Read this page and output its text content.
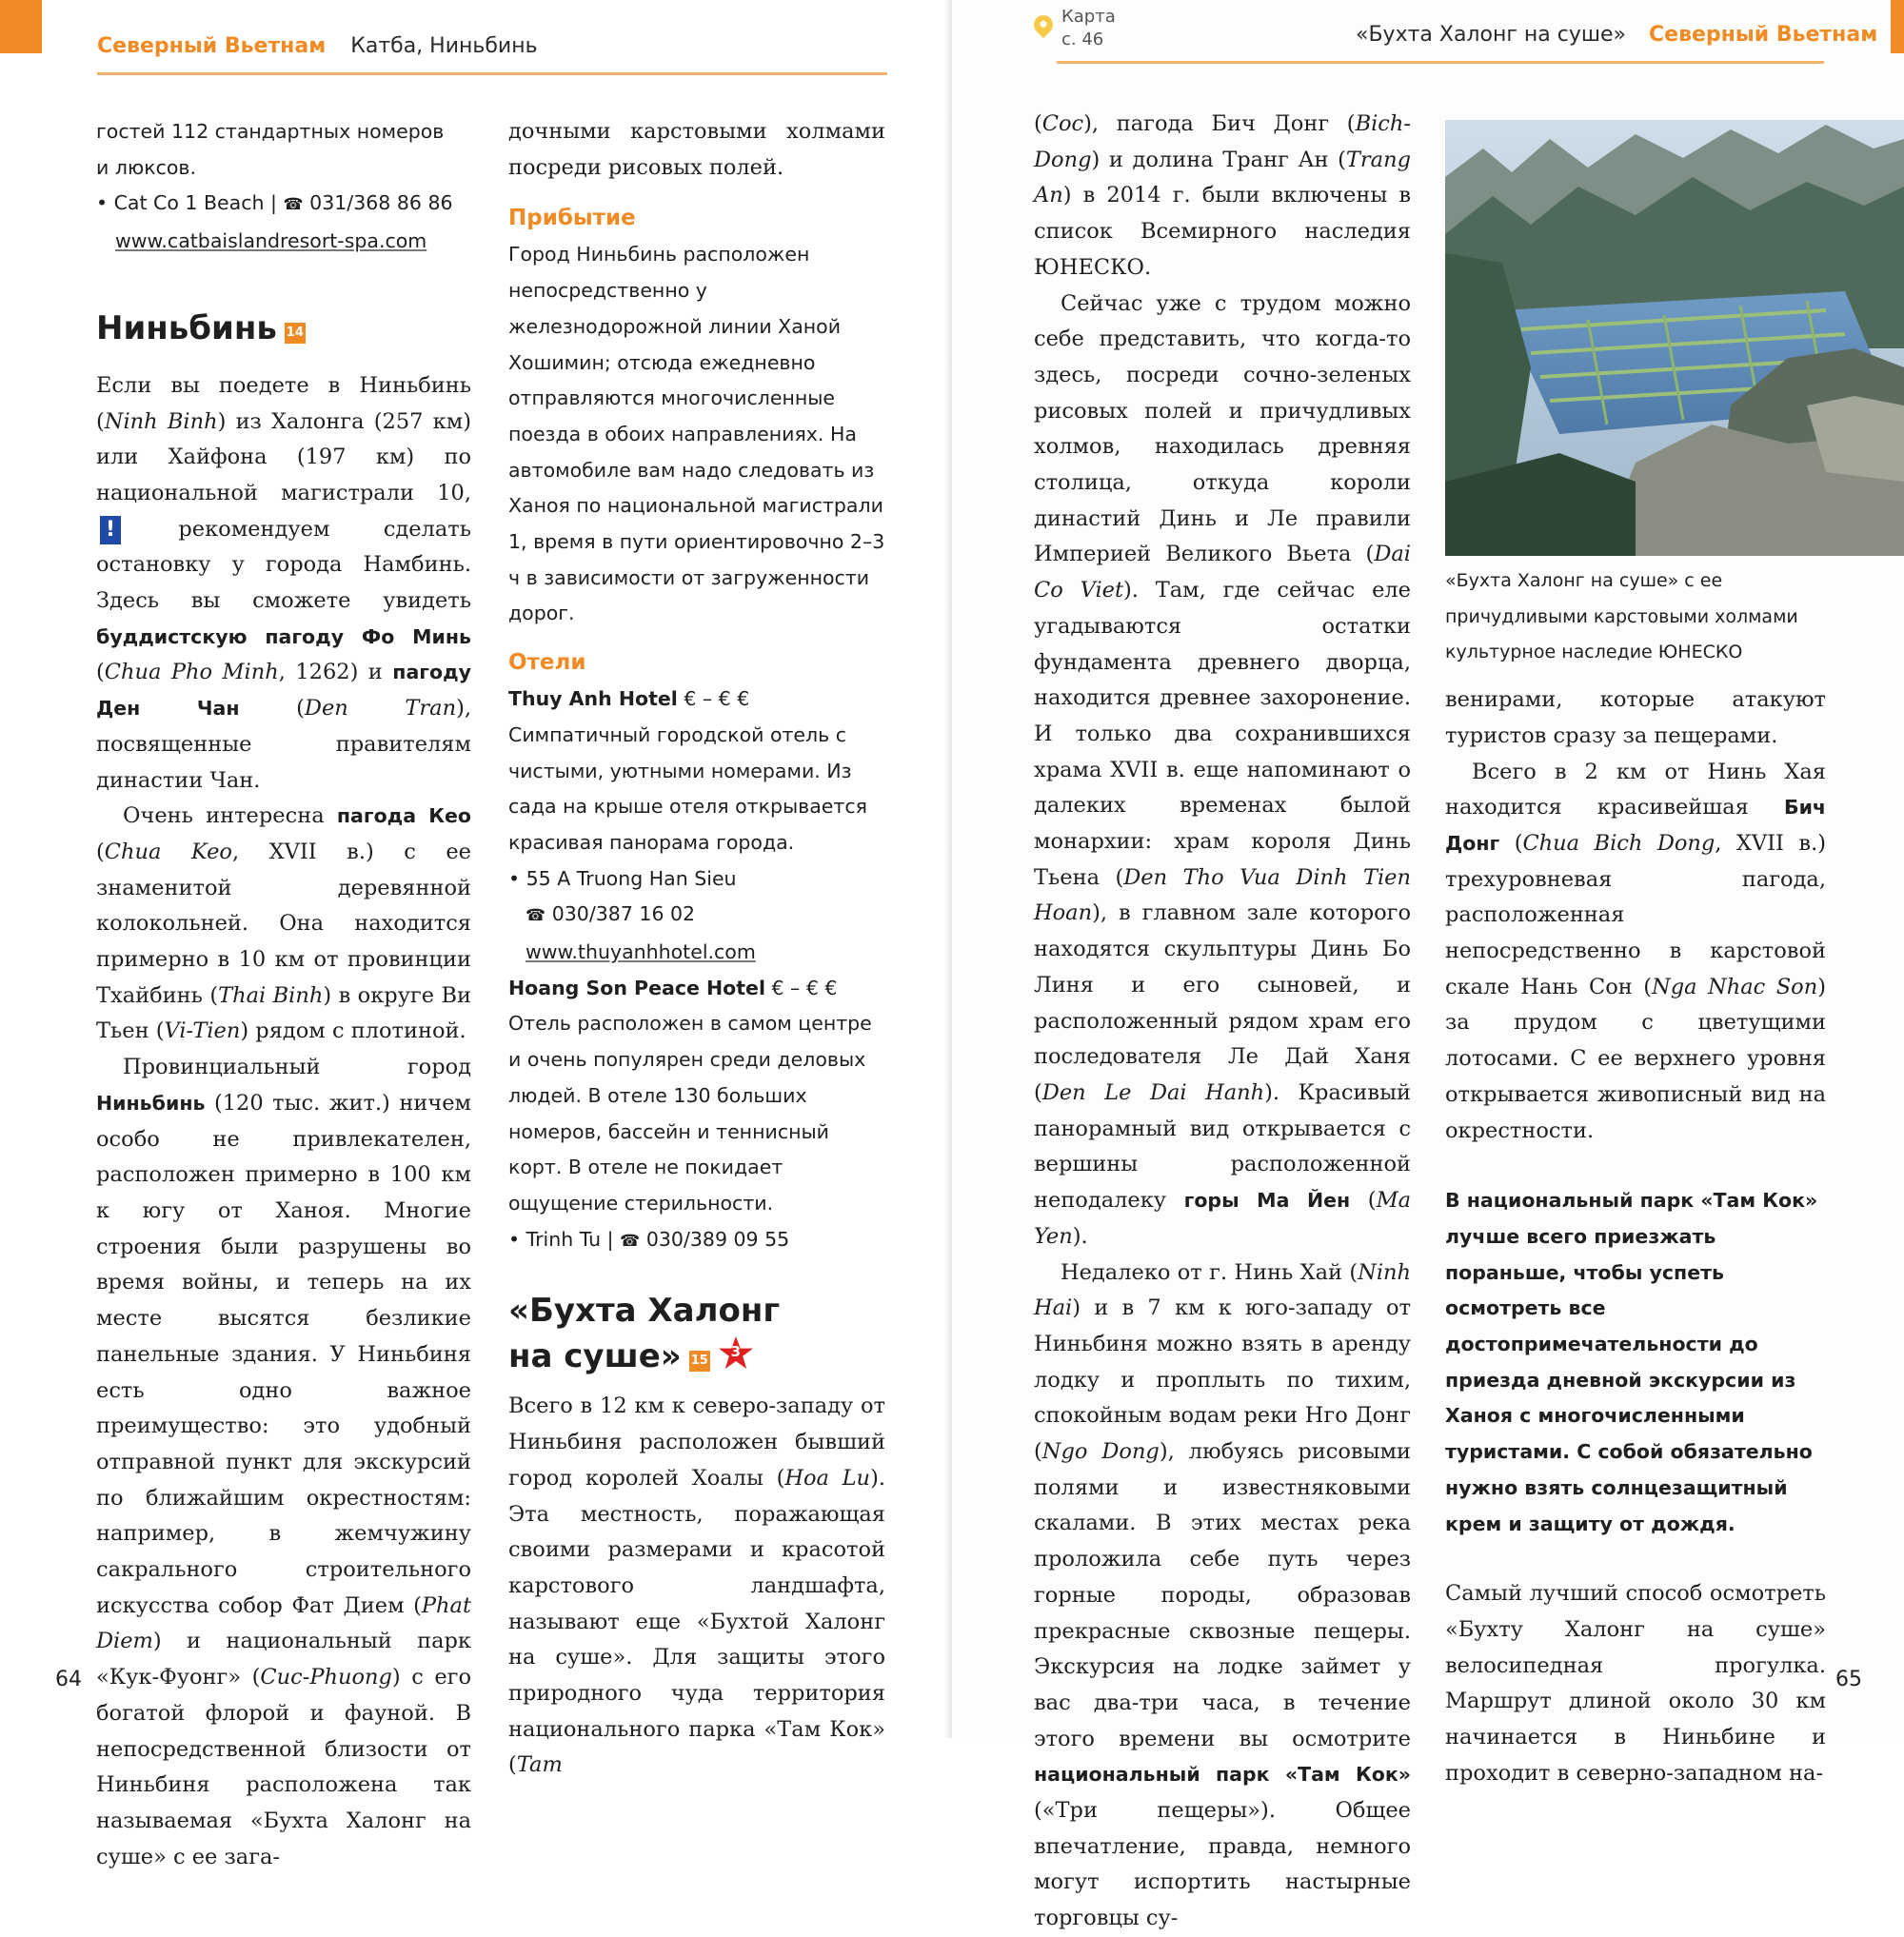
Северный Вьетнам Катба, Ниньбинь
гостей 112 стандартных номеров
и люксов.
• Cat Co 1 Beach | ☎ 031/368 86 86
www.catbaislandresort-spa.com
Ниньбинь 14

Если вы поедете в Ниньбинь (Ninh Binh) из Халонга (257 км) или Хайфона (197 км) по национальной магистрали 10, !	рекомендуем сделать остановку у города Намбинь. Здесь вы сможете увидеть буддистскую пагоду Фо Минь (Chua Pho Minh, 1262) и пагоду Ден Чан	(Den Tran), посвященные правителям династии Чан.

Очень интересна пагода Кео (Chua Keo, XVII в.) с ее знаменитой деревянной колокольней. Она находится примерно в 10 км от провинции Тхайбинь (Thai Binh) в округе Ви Тьен (Vi-Tien) рядом с плотиной.

Провинциальный город Ниньбинь (120 тыс. жит.) ничем особо не привлекателен, расположен примерно в 100 км к югу от Ханоя. Многие строения были разрушены во время войны, и теперь на их месте высятся безликие панельные здания. У Ниньбиня есть одно важное преимущество: это удобный отправной пункт для экскурсий по ближайшим окрестностям: например, в жемчужину сакрального строительного искусства собор Фат Дием (Phat Diem) и национальный парк «Кук-Фуонг» (Cuc-Phuong) с его богатой флорой и фауной. В непосредственной близости от Ниньбиня расположена так называемая «Бухта Халонг на суше» с ее зага-

дочными карстовыми холмами посреди рисовых полей.

Прибытие

Город Ниньбинь расположен непосредственно у железнодорожной линии Ханой Хошимин; отсюда ежедневно отправляются многочисленные поезда в обоих направлениях. На автомобиле вам надо следовать из Ханоя по национальной магистрали 1, время в пути ориентировочно 2–3 ч в зависимости от загруженности дорог.

Отели
Thuy Anh Hotel € – € €
Симпатичный городской отель с чистыми, уютными номерами. Из сада на крыше отеля открывается красивая панорама города.
• 55 A Truong Han Sieu
☎ 030/387 16 02
www.thuyanhhotel.com
Hoang Son Peace Hotel € – € €
Отель расположен в самом центре и очень популярен среди деловых людей. В отеле 130 больших номеров, бассейн и теннисный корт. В отеле не покидает ощущение стерильности.
• Trinh Tu | ☎ 030/389 09 55
«Бухта Халонг
на суше» 15
3

Всего в 12 км к северо-западу от Ниньбиня расположен бывший город королей Хоалы (Hoa Lu). Эта местность, поражающая своими размерами и красотой карстового ландшафта, называют еще «Бухтой Халонг на суше». Для защиты этого природного чуда территория национального парка «Там Кок» (Tam

64
«Бухта Халонг на суше» Северный Вьетнам
65
Карта
с. 46

(Coc), пагода Бич Донг (Bich-Dong) и долина Транг Ан (Trang An) в 2014 г. были включены в список Всемирного наследия ЮНЕСКО.

Сейчас уже с трудом можно себе представить, что когда-то здесь, посреди сочно-зеленых рисовых полей и причудливых холмов, находилась древняя столица, откуда короли династий Динь и Ле правили Империей Великого Вьета (Dai Co Viet). Там, где сейчас еле угадываются остатки фундамента древнего дворца, находится древнее захоронение. И только два сохранившихся храма XVII в. еще напоминают о далеких временах былой монархии: храм короля Динь Тьена (Den Tho Vua Dinh Tien Hoan), в главном зале которого находятся скульптуры Динь Бо Линя и его сыновей, и расположенный рядом храм его последователя Ле Дай Ханя (Den Le Dai Hanh). Красивый панорамный вид открывается с вершины расположенной неподалеку горы Ма Йен (Ma Yen).

Недалеко от г. Нинь Хай (Ninh Hai) и в 7 км к юго-западу от Ниньбиня можно взять в аренду лодку и проплыть по тихим, спокойным водам реки Нго Донг (Ngo Dong), любуясь рисовыми полями и известняковыми скалами. В этих местах река проложила себе путь через горные породы, образовав прекрасные сквозные пещеры. Экскурсия на лодке займет у вас два-три часа, в течение этого времени вы осмотрите национальный парк «Там Кок» («Три пещеры»). Общее впечатление, правда, немного могут испортить настырные торговцы су-

«Бухта Халонг на суше» с ее причудливыми карстовыми холмами культурное наследие ЮНЕСКО

венирами, которые атакуют туристов сразу за пещерами.

Всего в 2 км от Нинь Хая находится красивейшая Бич Донг (Chua Bich Dong, XVII в.) трехуровневая пагода, расположенная непосредственно в карстовой скале Нань Сон (Nga Nhac Son) за прудом с цветущими лотосами. С ее верхнего уровня открывается живописный вид на окрестности.

В национальный парк «Там Кок» лучше всего приезжать пораньше, чтобы успеть осмотреть все достопримечательности до приезда дневной экскурсии из Ханоя с многочисленными туристами. С собой обязательно нужно взять солнцезащитный крем и защиту от дождя.

Самый лучший способ осмотреть «Бухту Халонг на суше» велосипедная прогулка. Маршрут длиной около 30 км начинается в Ниньбине и проходит в северно-западном на-
